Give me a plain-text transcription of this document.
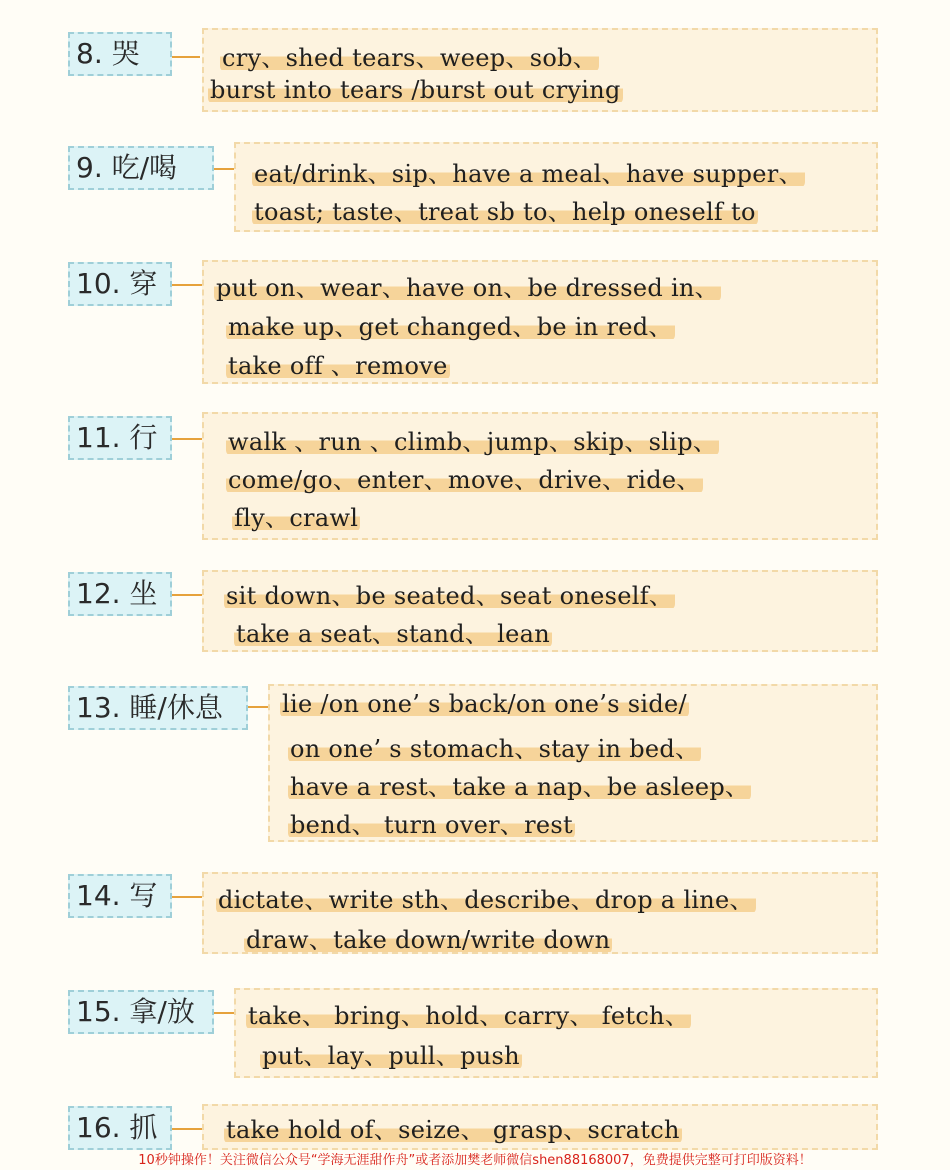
8. 哭	cry、shed tears、weep、sob、
burst into tears /burst out crying
9. 吃/喝	eat/drink、sip、have a meal、have supper、
toast; taste、treat sb to、help oneself to
10. 穿	put on、wear、have on、be dressed in、
make up、get changed、be in red、
take off 、remove
11. 行	walk 、run 、climb、jump、skip、slip、
come/go、enter、move、drive、ride、
fly、crawl
12. 坐	sit down、be seated、seat oneself、
take a seat、stand、 lean
13. 睡/休息	lie /on one’ s back/on one’s side/
on one’ s stomach、stay in bed、
have a rest、take a nap、be asleep、
bend、 turn over、rest
14. 写	dictate、write sth、describe、drop a line、
draw、take down/write down
15. 拿/放	take、 bring、hold、carry、 fetch、
put、lay、pull、push
16. 抓	take hold of、seize、 grasp、scratch
10秒钟操作！关注微信公众号“学海无涯甜作舟”或者添加樊老师微信shen88168007，免费提供完整可打印版资料！
